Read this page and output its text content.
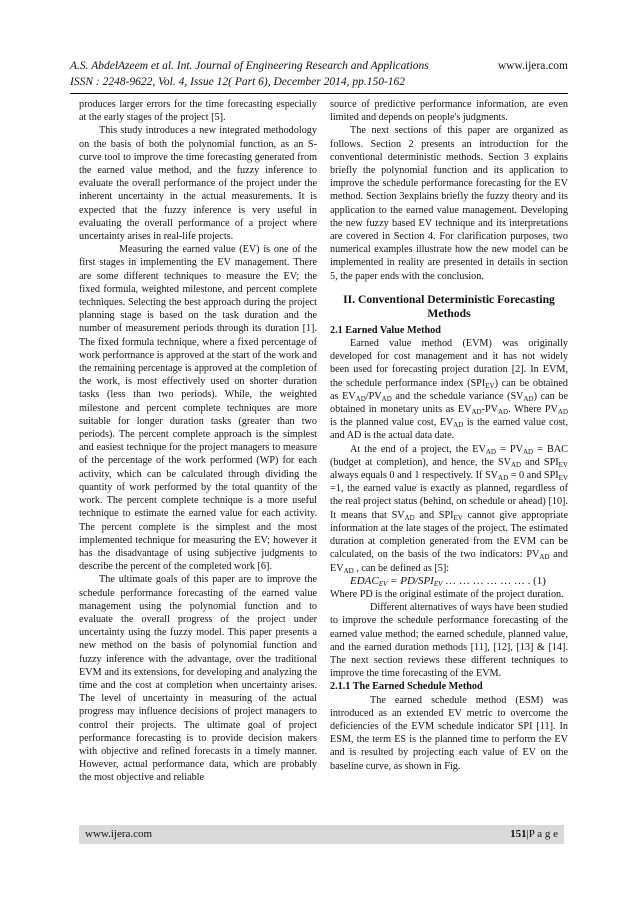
A.S. AbdelAzeem et al. Int. Journal of Engineering Research and Applications	www.ijera.com
ISSN : 2248-9622, Vol. 4, Issue 12( Part 6), December 2014, pp.150-162

produces larger errors for the time forecasting especially at the early stages of the project [5].

This study introduces a new integrated methodology on the basis of both the polynomial function, as an S-curve tool to improve the time forecasting generated from the earned value method, and the fuzzy inference to evaluate the overall performance of the project under the inherent uncertainty in the actual measurements. It is expected that the fuzzy inference is very useful in evaluating the overall performance of a project where uncertainty arises in real-life projects.

Measuring the earned value (EV) is one of the first stages in implementing the EV management. There are some different techniques to measure the EV; the fixed formula, weighted milestone, and percent complete techniques. Selecting the best approach during the project planning stage is based on the task duration and the number of measurement periods through its duration [1]. The fixed formula technique, where a fixed percentage of work performance is approved at the start of the work and the remaining percentage is approved at the completion of the work, is most effectively used on shorter duration tasks (less than two periods). While, the weighted milestone and percent complete techniques are more suitable for longer duration tasks (greater than two periods). The percent complete approach is the simplest and easiest technique for the project managers to measure of the percentage of the work performed (WP) for each activity, which can be calculated through dividing the quantity of work performed by the total quantity of the work. The percent complete technique is a more useful technique to estimate the earned value for each activity. The percent complete is the simplest and the most implemented technique for measuring the EV; however it has the disadvantage of using subjective judgments to describe the percent of the completed work [6].

The ultimate goals of this paper are to improve the schedule performance forecasting of the earned value management using the polynomial function and to evaluate the overall progress of the project under uncertainty using the fuzzy model. This paper presents a new method on the basis of polynomial function and fuzzy inference with the advantage, over the traditional EVM and its extensions, for developing and analyzing the time and the cost at completion when uncertainty arises. The level of uncertainty in measuring of the actual progress may influence decisions of project managers to control their projects. The ultimate goal of project performance forecasting is to provide decision makers with objective and refined forecasts in a timely manner. However, actual performance data, which are probably the most objective and reliable

source of predictive performance information, are even limited and depends on people's judgments.

The next sections of this paper are organized as follows. Section 2 presents an introduction for the conventional deterministic methods. Section 3 explains briefly the polynomial function and its application to improve the schedule performance forecasting for the EV method. Section 3explains briefly the fuzzy theory and its application to the earned value management. Developing the new fuzzy based EV technique and its interpretations are covered in Section 4. For clarification purposes, two numerical examples illustrate how the new model can be implemented in reality are presented in details in section 5, the paper ends with the conclusion.

II. Conventional Deterministic Forecasting Methods

2.1 Earned Value Method

Earned value method (EVM) was originally developed for cost management and it has not widely been used for forecasting project duration [2]. In EVM, the schedule performance index $(SPI_{EV})$ can be obtained as $EV_{AD}/PV_{AD}$ and the schedule variance $(SV_{AD})$ can be obtained in monetary units as $EV_{AD}-PV_{AD}$. Where $PV_{AD}$ is the planned value cost, $EV_{AD}$ is the earned value cost, and AD is the actual data date.

At the end of a project, the $EV_{AD} = PV_{AD}$ = BAC (budget at completion), and hence, the $SV_{AD}$ and $SPI_{EV}$ always equals 0 and 1 respectively. If $SV_{AD} = 0$ and $SPI_{EV} =1$, the earned value is exactly as planned, regardless of the real project status (behind, on schedule or ahead) [10]. It means that $SV_{AD}$ and $SPI_{EV}$ cannot give appropriate information at the late stages of the project. The estimated duration at completion generated from the EVM can be calculated, on the basis of the two indicators: $PV_{AD}$ and $EV_{AD}$ , can be defined as [5]:

$EDAC_{EV} = PD/SPI_{EV}$ … … … … … … . (1)

Where PD is the original estimate of the project duration.

Different alternatives of ways have been studied to improve the schedule performance forecasting of the earned value method; the earned schedule, planned value, and the earned duration methods [11], [12], [13] & [14]. The next section reviews these different techniques to improve the time forecasting of the EVM.

2.1.1 The Earned Schedule Method

The earned schedule method (ESM) was introduced as an extended EV metric to overcome the deficiencies of the EVM schedule indicator SPI [11]. In ESM, the term ES is the planned time to perform the EV and is resulted by projecting each value of EV on the baseline curve, as shown in Fig.

www.ijera.com	151|P a g e
